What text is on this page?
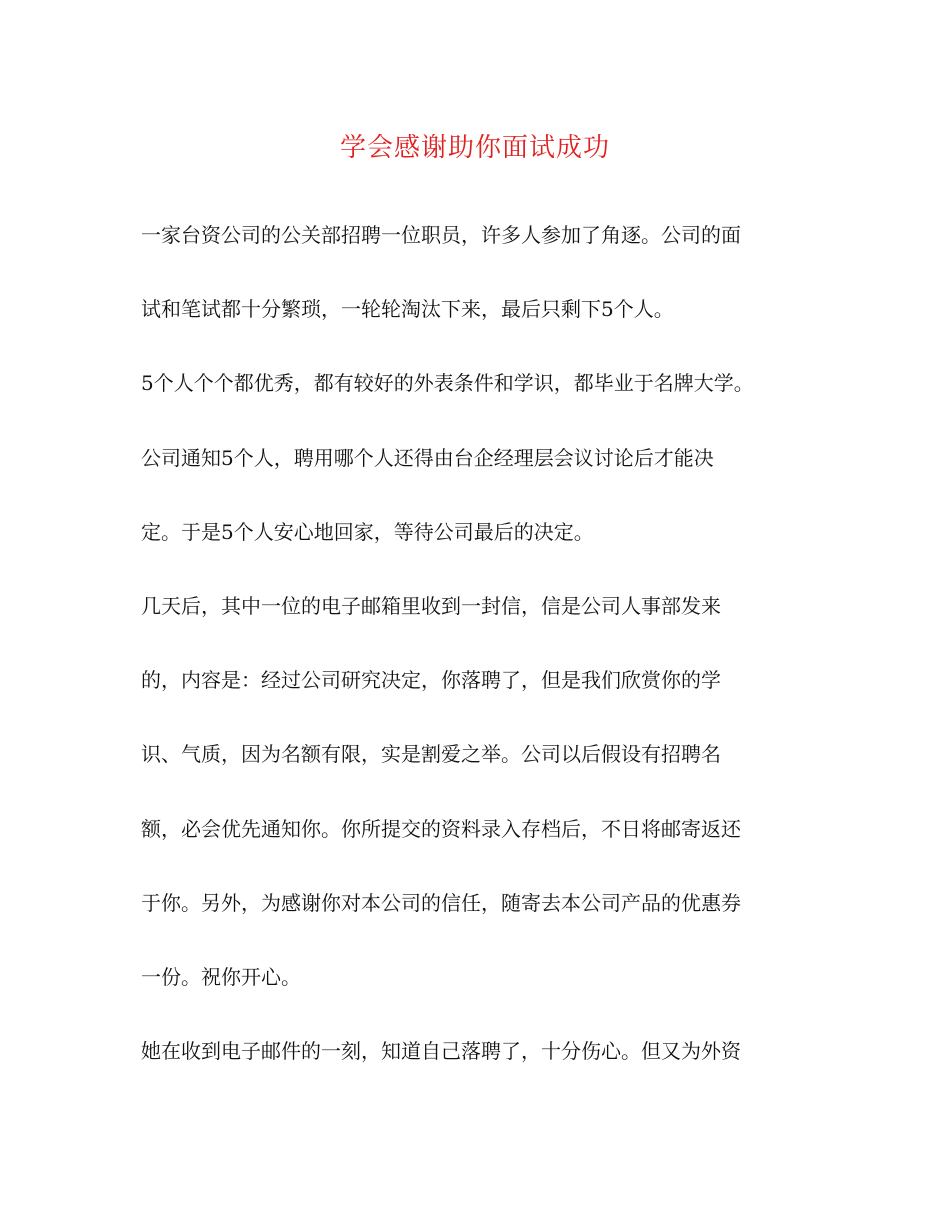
学会感谢助你面试成功
一家台资公司的公关部招聘一位职员，许多人参加了角逐。公司的面
试和笔试都十分繁琐，一轮轮淘汰下来，最后只剩下5个人。
5个人个个都优秀，都有较好的外表条件和学识，都毕业于名牌大学。
公司通知5个人，聘用哪个人还得由台企经理层会议讨论后才能决
定。于是5个人安心地回家，等待公司最后的决定。
几天后，其中一位的电子邮箱里收到一封信，信是公司人事部发来
的，内容是：经过公司研究决定，你落聘了，但是我们欣赏你的学
识、气质，因为名额有限，实是割爱之举。公司以后假设有招聘名
额，必会优先通知你。你所提交的资料录入存档后，不日将邮寄返还
于你。另外，为感谢你对本公司的信任，随寄去本公司产品的优惠券
一份。祝你开心。
她在收到电子邮件的一刻，知道自己落聘了，十分伤心。但又为外资
